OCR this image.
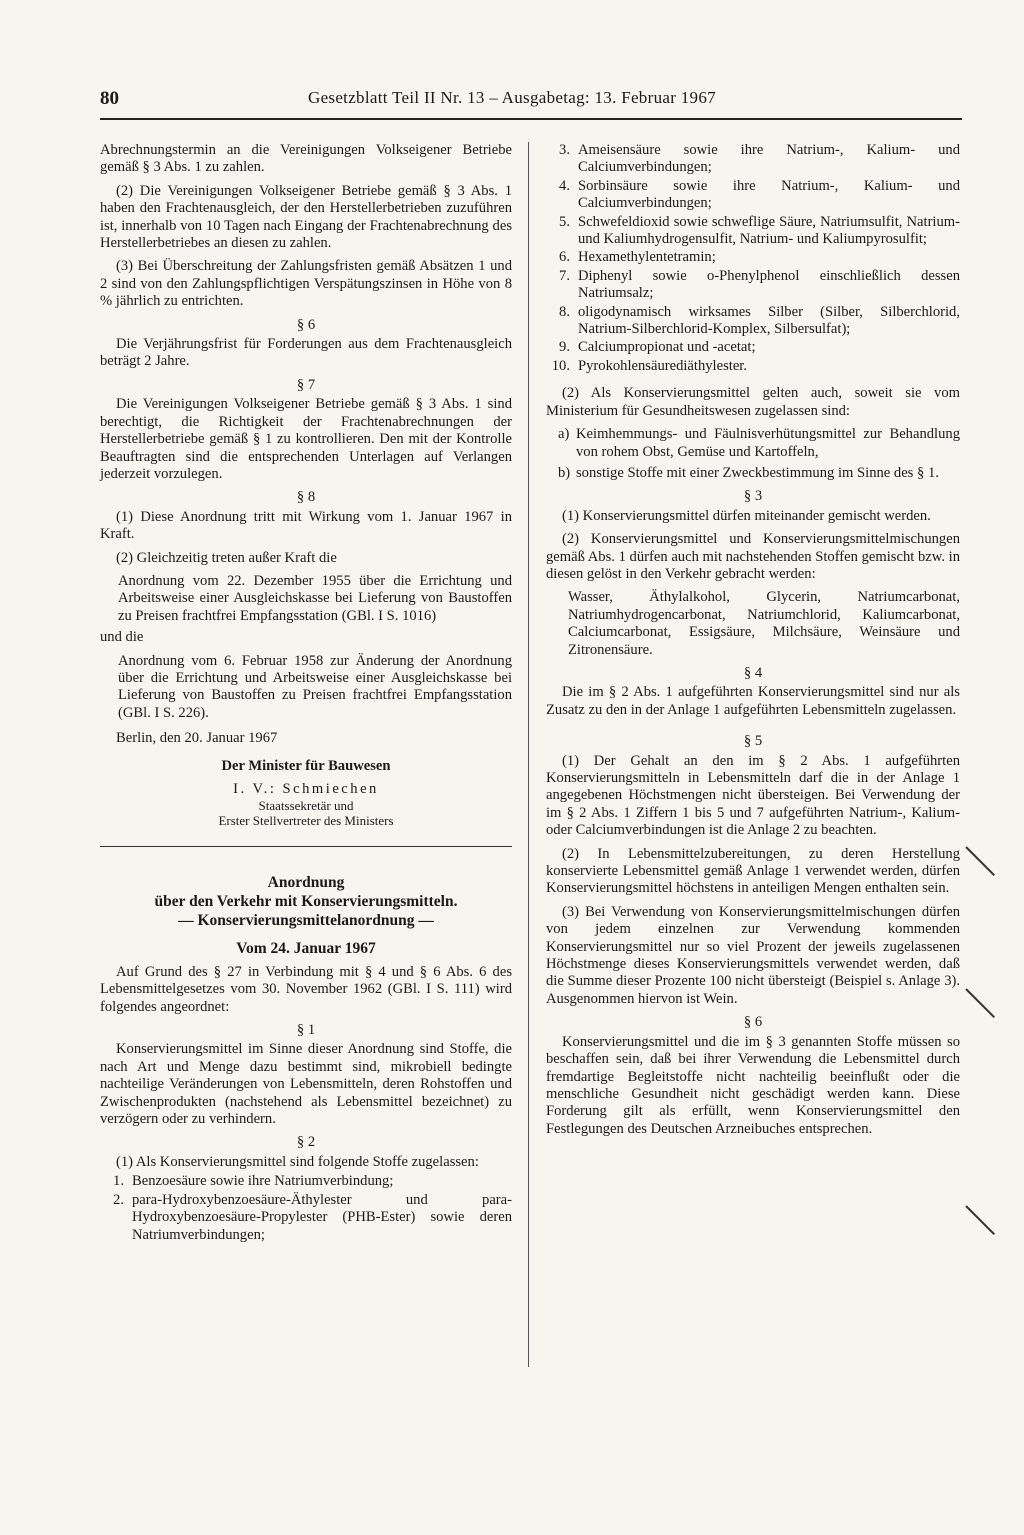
80	Gesetzblatt Teil II Nr. 13 – Ausgabetag: 13. Februar 1967

Abrechnungstermin an die Vereinigungen Volkseigener Betriebe gemäß § 3 Abs. 1 zu zahlen.

(2) Die Vereinigungen Volkseigener Betriebe gemäß § 3 Abs. 1 haben den Frachtenausgleich, der den Herstellerbetrieben zuzuführen ist, innerhalb von 10 Tagen nach Eingang der Frachtenabrechnung des Herstellerbetriebes an diesen zu zahlen.

(3) Bei Überschreitung der Zahlungsfristen gemäß Absätzen 1 und 2 sind von den Zahlungspflichtigen Verspätungszinsen in Höhe von 8 % jährlich zu entrichten.

§ 6

Die Verjährungsfrist für Forderungen aus dem Frachtenausgleich beträgt 2 Jahre.

§ 7

Die Vereinigungen Volkseigener Betriebe gemäß § 3 Abs. 1 sind berechtigt, die Richtigkeit der Frachtenabrechnungen der Herstellerbetriebe gemäß § 1 zu kontrollieren. Den mit der Kontrolle Beauftragten sind die entsprechenden Unterlagen auf Verlangen jederzeit vorzulegen.

§ 8

(1) Diese Anordnung tritt mit Wirkung vom 1. Januar 1967 in Kraft.

(2) Gleichzeitig treten außer Kraft die

Anordnung vom 22. Dezember 1955 über die Errichtung und Arbeitsweise einer Ausgleichskasse bei Lieferung von Baustoffen zu Preisen frachtfrei Empfangsstation (GBl. I S. 1016)

und die

Anordnung vom 6. Februar 1958 zur Änderung der Anordnung über die Errichtung und Arbeitsweise einer Ausgleichskasse bei Lieferung von Baustoffen zu Preisen frachtfrei Empfangsstation (GBl. I S. 226).

Berlin, den 20. Januar 1967

Der Minister für Bauwesen

I. V.: Schmiechen

Staatssekretär und

Erster Stellvertreter des Ministers

Anordnung

über den Verkehr mit Konservierungsmitteln.

— Konservierungsmittelanordnung —

Vom 24. Januar 1967

Auf Grund des § 27 in Verbindung mit § 4 und § 6 Abs. 6 des Lebensmittelgesetzes vom 30. November 1962 (GBl. I S. 111) wird folgendes angeordnet:

§ 1

Konservierungsmittel im Sinne dieser Anordnung sind Stoffe, die nach Art und Menge dazu bestimmt sind, mikrobiell bedingte nachteilige Veränderungen von Lebensmitteln, deren Rohstoffen und Zwischenprodukten (nachstehend als Lebensmittel bezeichnet) zu verzögern oder zu verhindern.

§ 2

(1) Als Konservierungsmittel sind folgende Stoffe zugelassen:

1. Benzoesäure sowie ihre Natriumverbindung;
2. para-Hydroxybenzoesäure-Äthylester und para-Hydroxybenzoesäure-Propylester (PHB-Ester) sowie deren Natriumverbindungen;
3. Ameisensäure sowie ihre Natrium-, Kalium- und Calciumverbindungen;
4. Sorbinsäure sowie ihre Natrium-, Kalium- und Calciumverbindungen;
5. Schwefeldioxid sowie schweflige Säure, Natriumsulfit, Natrium- und Kaliumhydrogensulfit, Natrium- und Kaliumpyrosulfit;
6. Hexamethylentetramin;
7. Diphenyl sowie o-Phenylphenol einschließlich dessen Natriumsalz;
8. oligodynamisch wirksames Silber (Silber, Silberchlorid, Natrium-Silberchlorid-Komplex, Silbersulfat);
9. Calciumpropionat und -acetat;
10. Pyrokohlensäurediäthylester.

(2) Als Konservierungsmittel gelten auch, soweit sie vom Ministerium für Gesundheitswesen zugelassen sind:

a) Keimhemmungs- und Fäulnisverhütungsmittel zur Behandlung von rohem Obst, Gemüse und Kartoffeln,
b) sonstige Stoffe mit einer Zweckbestimmung im Sinne des § 1.

§ 3

(1) Konservierungsmittel dürfen miteinander gemischt werden.

(2) Konservierungsmittel und Konservierungsmittelmischungen gemäß Abs. 1 dürfen auch mit nachstehenden Stoffen gemischt bzw. in diesen gelöst in den Verkehr gebracht werden:

Wasser, Äthylalkohol, Glycerin, Natriumcarbonat, Natriumhydrogencarbonat, Natriumchlorid, Kaliumcarbonat, Calciumcarbonat, Essigsäure, Milchsäure, Weinsäure und Zitronensäure.

§ 4

Die im § 2 Abs. 1 aufgeführten Konservierungsmittel sind nur als Zusatz zu den in der Anlage 1 aufgeführten Lebensmitteln zugelassen.

§ 5

(1) Der Gehalt an den im § 2 Abs. 1 aufgeführten Konservierungsmitteln in Lebensmitteln darf die in der Anlage 1 angegebenen Höchstmengen nicht übersteigen. Bei Verwendung der im § 2 Abs. 1 Ziffern 1 bis 5 und 7 aufgeführten Natrium-, Kalium- oder Calciumverbindungen ist die Anlage 2 zu beachten.

(2) In Lebensmittelzubereitungen, zu deren Herstellung konservierte Lebensmittel gemäß Anlage 1 verwendet werden, dürfen Konservierungsmittel höchstens in anteiligen Mengen enthalten sein.

(3) Bei Verwendung von Konservierungsmittelmischungen dürfen von jedem einzelnen zur Verwendung kommenden Konservierungsmittel nur so viel Prozent der jeweils zugelassenen Höchstmenge dieses Konservierungsmittels verwendet werden, daß die Summe dieser Prozente 100 nicht übersteigt (Beispiel s. Anlage 3). Ausgenommen hiervon ist Wein.

§ 6

Konservierungsmittel und die im § 3 genannten Stoffe müssen so beschaffen sein, daß bei ihrer Verwendung die Lebensmittel durch fremdartige Begleitstoffe nicht nachteilig beeinflußt oder die menschliche Gesundheit nicht geschädigt werden kann. Diese Forderung gilt als erfüllt, wenn Konservierungsmittel den Festlegungen des Deutschen Arzneibuches entsprechen.
